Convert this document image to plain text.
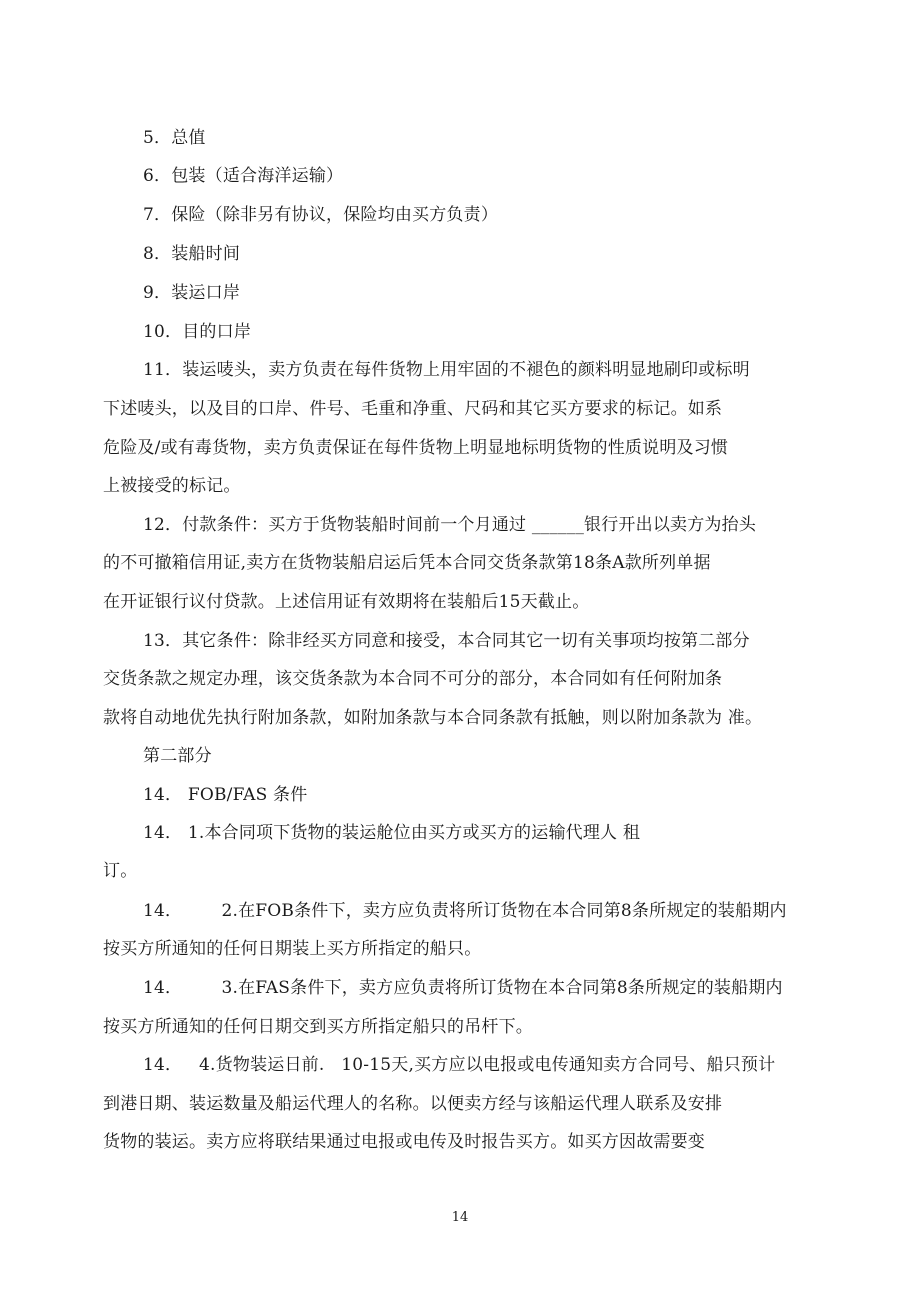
5．总值
6．包装（适合海洋运输）
7．保险（除非另有协议，保险均由买方负责）
8．装船时间
9．装运口岸
10．目的口岸
11．装运唛头，卖方负责在每件货物上用牢固的不褪色的颜料明显地刷印或标明
下述唛头，以及目的口岸、件号、毛重和净重、尺码和其它买方要求的标记。如系
危险及/或有毒货物，卖方负责保证在每件货物上明显地标明货物的性质说明及习惯
上被接受的标记。
12．付款条件：买方于货物装船时间前一个月通过 ______银行开出以卖方为抬头
的不可撤箱信用证,卖方在货物装船启运后凭本合同交货条款第18条A款所列单据
在开证银行议付贷款。上述信用证有效期将在装船后15天截止。
13．其它条件：除非经买方同意和接受，本合同其它一切有关事项均按第二部分
交货条款之规定办理，该交货条款为本合同不可分的部分，本合同如有任何附加条
款将自动地优先执行附加条款，如附加条款与本合同条款有抵触，则以附加条款为 准。
第二部分
14． FOB/FAS 条件
14． 1.本合同项下货物的装运舱位由买方或买方的运输代理人 租
订。
14．       2.在FOB条件下，卖方应负责将所订货物在本合同第8条所规定的装船期内
按买方所通知的任何日期装上买方所指定的船只。
14．       3.在FAS条件下，卖方应负责将所订货物在本合同第8条所规定的装船期内
按买方所通知的任何日期交到买方所指定船只的吊杆下。
14．   4.货物装运日前.   10-15天,买方应以电报或电传通知卖方合同号、船只预计
到港日期、装运数量及船运代理人的名称。以便卖方经与该船运代理人联系及安排
货物的装运。卖方应将联结果通过电报或电传及时报告买方。如买方因故需要变
14
